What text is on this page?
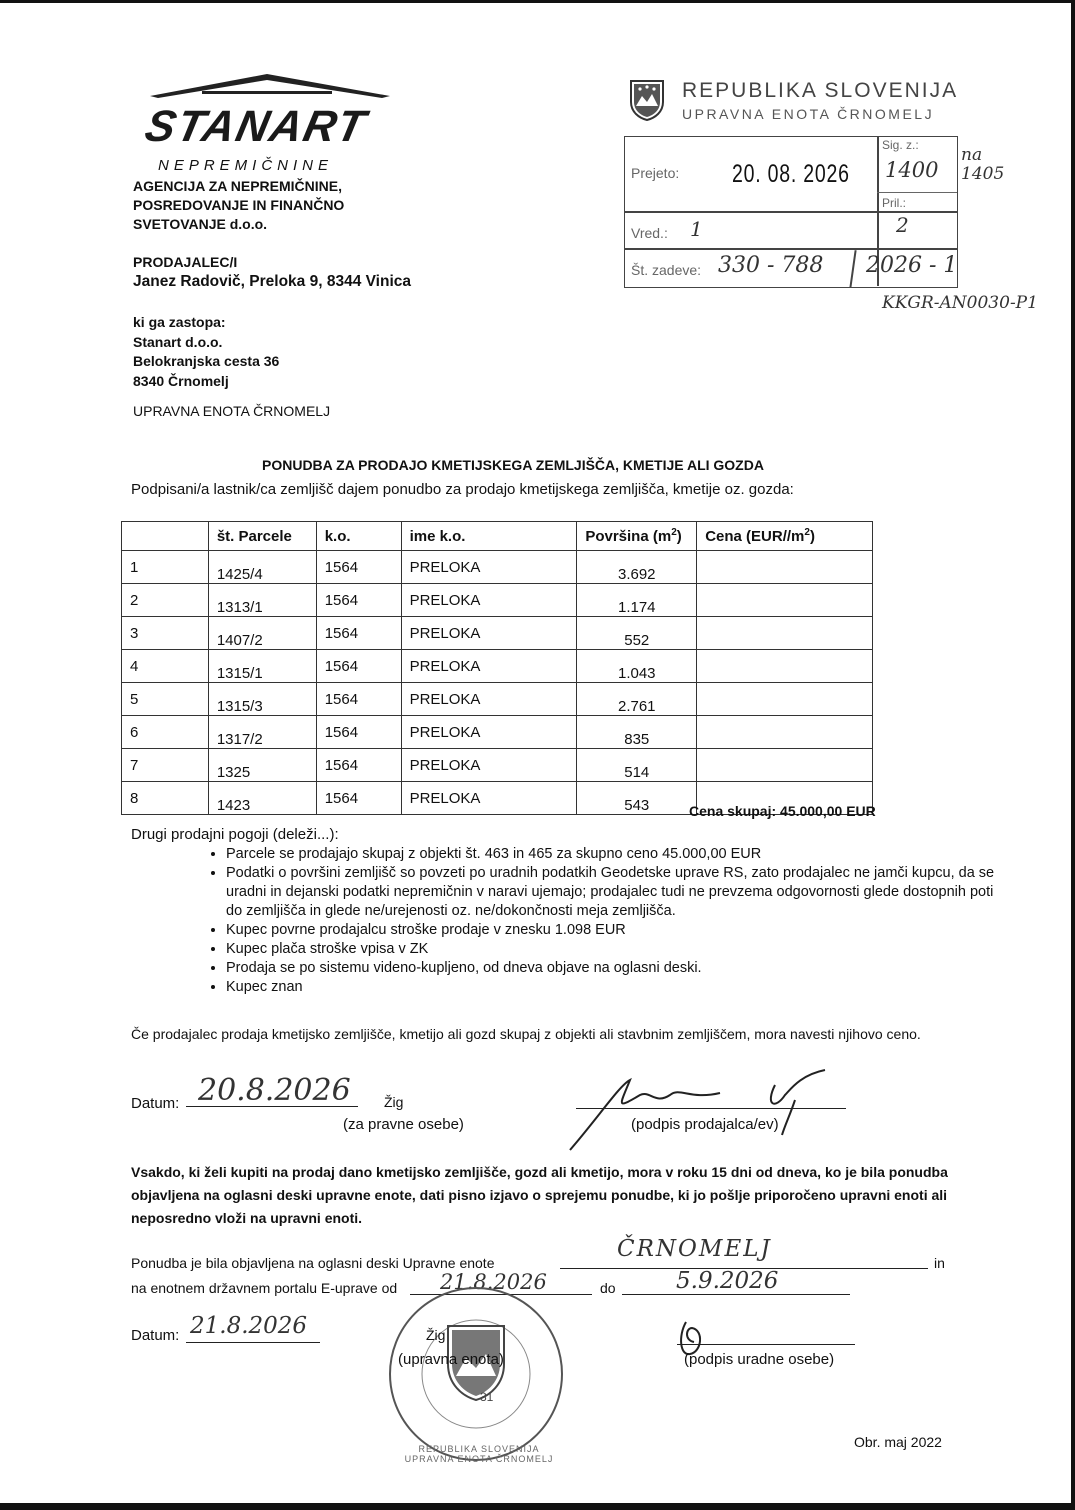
STANART
NEPREMIČNINE
AGENCIJA ZA NEPREMIČNINE,
POSREDOVANJE IN FINANČNO
SVETOVANJE d.o.o.
PRODAJALEC/I
Janez Radovič, Preloka 9, 8344 Vinica
ki ga zastopa:
Stanart d.o.o.
Belokranjska cesta 36
8340 Črnomelj
UPRAVNA ENOTA ČRNOMELJ
REPUBLIKA SLOVENIJA
UPRAVNA ENOTA ČRNOMELJ
Prejeto: 20. 08. 2026
Sig. z.:
1400
Pril.:
2
Vred.: 1
Št. zadeve: 330 - 788 2026 - 1
na 1405
KKGR-AN0030-P1
PONUDBA ZA PRODAJO KMETIJSKEGA ZEMLJIŠČA, KMETIJE ALI GOZDA
Podpisani/a lastnik/ca zemljišč dajem ponudbo za prodajo kmetijskega zemljišča, kmetije oz. gozda:
	št. Parcele	k.o.	ime k.o.	Površina $(m^2)$	Cena $(EUR//m^2)$
1	1425/4	1564	PRELOKA	3.692	
2	1313/1	1564	PRELOKA	1.174	
3	1407/2	1564	PRELOKA	552	
4	1315/1	1564	PRELOKA	1.043	
5	1315/3	1564	PRELOKA	2.761	
6	1317/2	1564	PRELOKA	835	
7	1325	1564	PRELOKA	514	
8	1423	1564	PRELOKA	543		Cena skupaj: 45.000,00 EUR
Drugi prodajni pogoji (deleži...):
• Parcele se prodajajo skupaj z objekti št. 463 in 465 za skupno ceno 45.000,00 EUR
• Podatki o površini zemljišč so povzeti po uradnih podatkih Geodetske uprave RS, zato prodajalec ne jamči kupcu, da se uradni in dejanski podatki nepremičnin v naravi ujemajo; prodajalec tudi ne prevzema odgovornosti glede dostopnih poti do zemljišča in glede ne/urejenosti oz. ne/dokončnosti meja zemljišča.
• Kupec povrne prodajalcu stroške prodaje v znesku 1.098 EUR
• Kupec plača stroške vpisa v ZK
• Prodaja se po sistemu videno-kupljeno, od dneva objave na oglasni deski.
• Kupec znan
Če prodajalec prodaja kmetijsko zemljišče, kmetijo ali gozd skupaj z objekti ali stavbnim zemljiščem, mora navesti njihovo ceno.
Datum: 20.8.2026 Žig
(za pravne osebe)	(podpis prodajalca/ev)
Vsakdo, ki želi kupiti na prodaj dano kmetijsko zemljišče, gozd ali kmetijo, mora v roku 15 dni od dneva, ko je bila ponudba objavljena na oglasni deski upravne enote, dati pisno izjavo o sprejemu ponudbe, ki jo pošlje priporočeno upravni enoti ali neposredno vloži na upravni enoti.
Ponudba je bila objavljena na oglasni deski Upravne enote
ČRNOMELJ
in
na enotnem državnem portalu E-uprave od 21.8.2026	do	5.9.2026
Datum: 21.8.2026
REPUBLIKA SLOVENIJA UPRAVNA ENOTA ČRNOMELJ
31
Žig
(upravna enota)	(podpis uradne osebe)
Obr. maj 2022
